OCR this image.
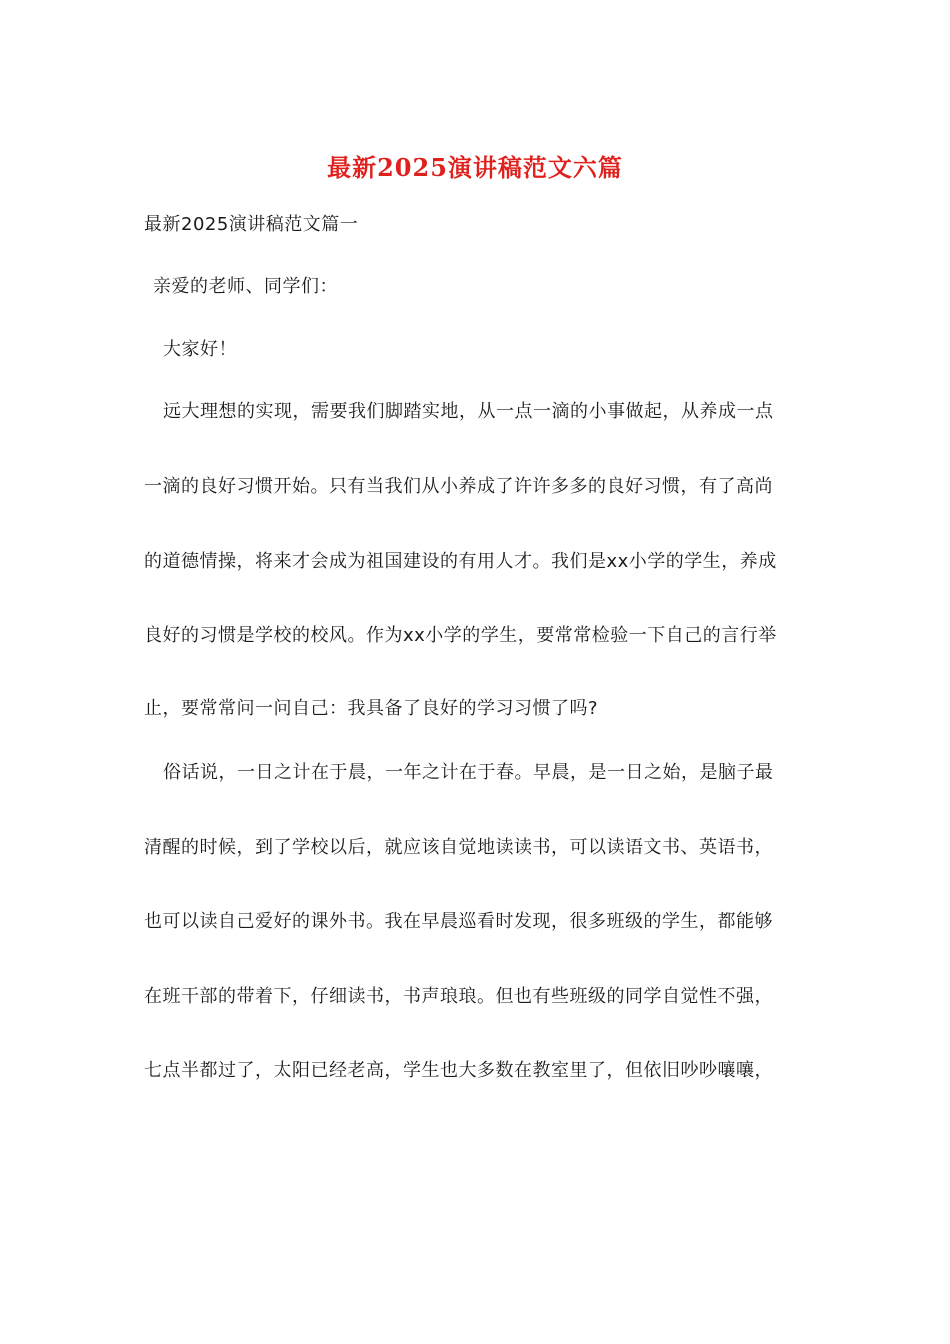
最新2025演讲稿范文六篇
最新2025演讲稿范文篇一
亲爱的老师、同学们：
大家好！
远大理想的实现，需要我们脚踏实地，从一点一滴的小事做起，从养成一点
一滴的良好习惯开始。只有当我们从小养成了许许多多的良好习惯，有了高尚
的道德情操，将来才会成为祖国建设的有用人才。我们是xx小学的学生，养成
良好的习惯是学校的校风。作为xx小学的学生，要常常检验一下自己的言行举
止，要常常问一问自己：我具备了良好的学习习惯了吗?
俗话说，一日之计在于晨，一年之计在于春。早晨，是一日之始，是脑子最
清醒的时候，到了学校以后，就应该自觉地读读书，可以读语文书、英语书，
也可以读自己爱好的课外书。我在早晨巡看时发现，很多班级的学生，都能够
在班干部的带着下，仔细读书，书声琅琅。但也有些班级的同学自觉性不强，
七点半都过了，太阳已经老高，学生也大多数在教室里了，但依旧吵吵嚷嚷，
